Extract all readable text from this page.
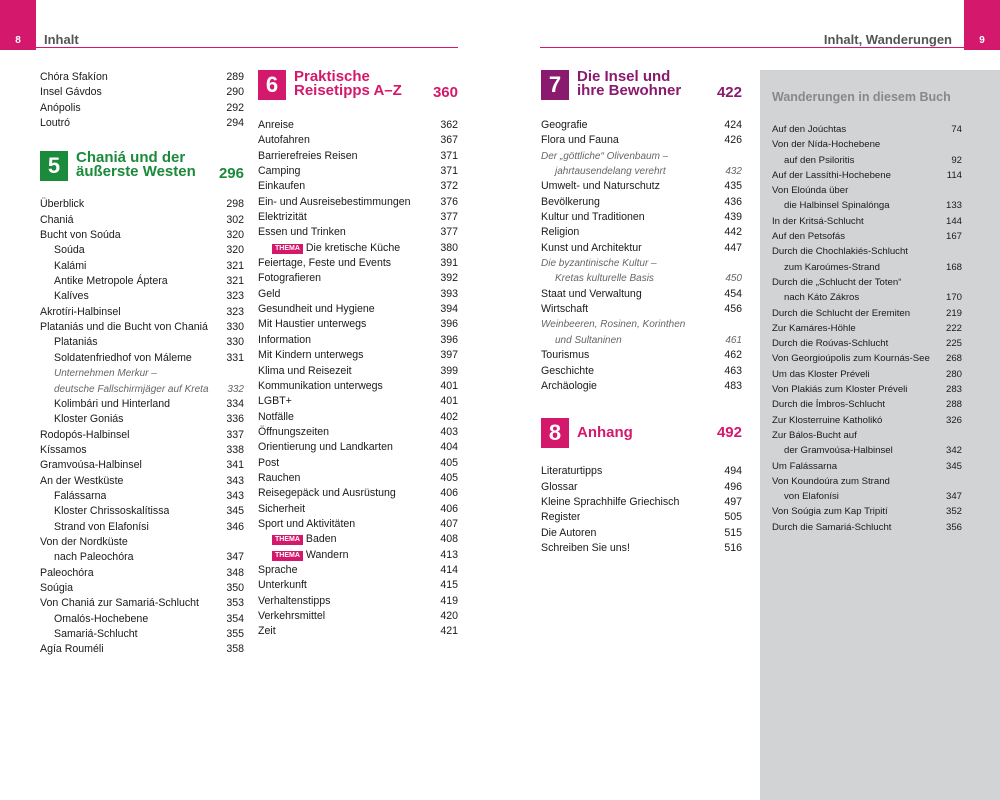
8	Inhalt	9
Inhalt, Wanderungen
Chóra Sfakíon	289
Insel Gávdos	290
Anópolis	292
Loutró	294
5	Chaniá und der
äußerste Westen	296
Überblick	298
Chaniá	302
Bucht von Soúda	320
Soúda	320
Kalámi	321
Antike Metropole Áptera	321
Kalíves	323
Akrotíri-Halbinsel	323
Plataniás und die Bucht von Chaniá 330
Plataniás	330
Soldatenfriedhof von Máleme	331
Unternehmen Merkur –
deutsche Fallschirmjäger auf Kreta 332
Kolimbári und Hinterland	334
Kloster Goniás	336
Rodopós-Halbinsel	337
Kíssamos	338
Gramvoúsa-Halbinsel	341
An der Westküste	343
Falássarna	343
Kloster Chrissoskalítissa	345
Strand von Elafonísi	346
Von der Nordküste
nach Paleochóra	347
Paleochóra	348
Soúgia	350
Von Chaniá zur Samariá-Schlucht	353
Omalós-Hochebene	354
Samariá-Schlucht	355
Agía Rouméli	358
6	Praktische
Reisetipps A–Z	360
Anreise	362
Autofahren	367
Barrierefreies Reisen	371
Camping	371
Einkaufen	372
Ein- und Ausreisebestimmungen	376
Elektrizität	377
Essen und Trinken	377
THEMA Die kretische Küche	380
Feiertage, Feste und Events	391
Fotografieren	392
Geld	393
Gesundheit und Hygiene	394
Mit Haustier unterwegs	396
Information	396
Mit Kindern unterwegs	397
Klima und Reisezeit	399
Kommunikation unterwegs	401
LGBT+	401
Notfälle	402
Öffnungszeiten	403
Orientierung und Landkarten	404
Post	405
Rauchen	405
Reisegepäck und Ausrüstung	406
Sicherheit	406
Sport und Aktivitäten	407
THEMA Baden	408
THEMA Wandern	413
Sprache	414
Unterkunft	415
Verhaltenstipps	419
Verkehrsmittel	420
Zeit	421
7	Die Insel und
ihre Bewohner	422
Geografie	424
Flora und Fauna	426
Der „göttliche“ Olivenbaum –
jahrtausendelang verehrt	432
Umwelt- und Naturschutz	435
Bevölkerung	436
Kultur und Traditionen	439
Religion	442
Kunst und Architektur	447
Die byzantinische Kultur –
Kretas kulturelle Basis	450
Staat und Verwaltung	454
Wirtschaft	456
Weinbeeren, Rosinen, Korinthen
und Sultaninen	461
Tourismus	462
Geschichte	463
Archäologie	483
8	Anhang	492
Literaturtipps	494
Glossar	496
Kleine Sprachhilfe Griechisch	497
Register	505
Die Autoren	515
Schreiben Sie uns!	516
Wanderungen in diesem Buch
Auf den Joúchtas	74
Von der Nída-Hochebene
auf den Psiloritis	92
Auf der Lassíthi-Hochebene	114
Von Eloúnda über
die Halbinsel Spinalónga	133
In der Kritsá-Schlucht	144
Auf den Petsofás	167
Durch die Chochlakiés-Schlucht
zum Karoúmes-Strand	168
Durch die „Schlucht der Toten“
nach Káto Zákros	170
Durch die Schlucht der Eremiten	219
Zur Kamáres-Höhle	222
Durch die Roúvas-Schlucht	225
Von Georgioúpolis zum Kournás-See 268
Um das Kloster Préveli	280
Von Plakiás zum Kloster Préveli	283
Durch die Ímbros-Schlucht	288
Zur Klosterruine Katholikó	326
Zur Bálos-Bucht auf
der Gramvoúsa-Halbinsel	342
Um Falássarna	345
Von Koundoúra zum Strand
von Elafonísi	347
Von Soúgia zum Kap Tripití	352
Durch die Samariá-Schlucht	356
